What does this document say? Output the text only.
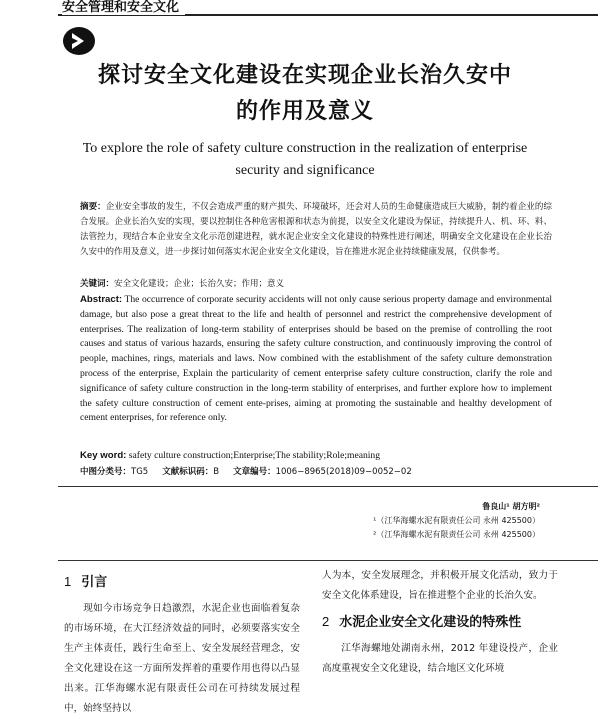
安全管理和安全文化
探讨安全文化建设在实现企业长治久安中
的作用及意义
To explore the role of safety culture construction in the realization of enterprise
security and significance
摘要：企业安全事故的发生，不仅会造成严重的财产损失、环境破坏，还会对人员的生命健康造成巨大威胁，制约着企业的综合发展。企业长治久安的实现，要以控制住各种危害根源和状态为前提，以安全文化建设为保证，持续提升人、机、环、料、法管控力，现结合本企业安全文化示范创建进程，就水泥企业安全文化建设的特殊性进行阐述，明确安全文化建设在企业长治久安中的作用及意义，进一步探讨如何落实水泥企业安全文化建设，旨在推进水泥企业持续健康发展，仅供参考。
关键词：安全文化建设；企业；长治久安；作用；意义
Abstract: The occurrence of corporate security accidents will not only cause serious property damage and environmental damage, but also pose a great threat to the life and health of personnel and restrict the comprehensive development of enterprises. The realization of long-term stability of enterprises should be based on the premise of controlling the root causes and status of various hazards, ensuring the safety culture construction, and continuously improving the control of people, machines, rings, materials and laws. Now combined with the establishment of the safety culture demonstration process of the enterprise, Explain the particularity of cement enterprise safety culture construction, clarify the role and significance of safety culture construction in the long-term stability of enterprises, and further explore how to implement the safety culture construction of cement ente-prises, aiming at promoting the sustainable and healthy development of cement enterprises, for reference only.
Key word: safety culture construction;Enterprise;The stability;Role;meaning
中图分类号：TG5 文献标识码：B 文章编号：1006−8965(2018)09−0052−02
鲁良山¹ 胡方明²
¹（江华海螺水泥有限责任公司 永州 425500）
²（江华海螺水泥有限责任公司 永州 425500）
1 引言
现如今市场竞争日趋激烈，水泥企业也面临着复杂的市场环境，在大江经济效益的同时，必须要落实安全生产主体责任，践行生命至上、安全发展经营理念，安全文化建设在这一方面所发挥着的重要作用也得以凸显出来。江华海螺水泥有限责任公司在可持续发展过程中，始终坚持以
人为本，安全发展理念，并积极开展文化活动，致力于安全文化体系建设，旨在推进整个企业的长治久安。
2 水泥企业安全文化建设的特殊性
江华海螺地处湖南永州，2012 年建设投产，企业高度重视安全文化建设，结合地区文化环境
